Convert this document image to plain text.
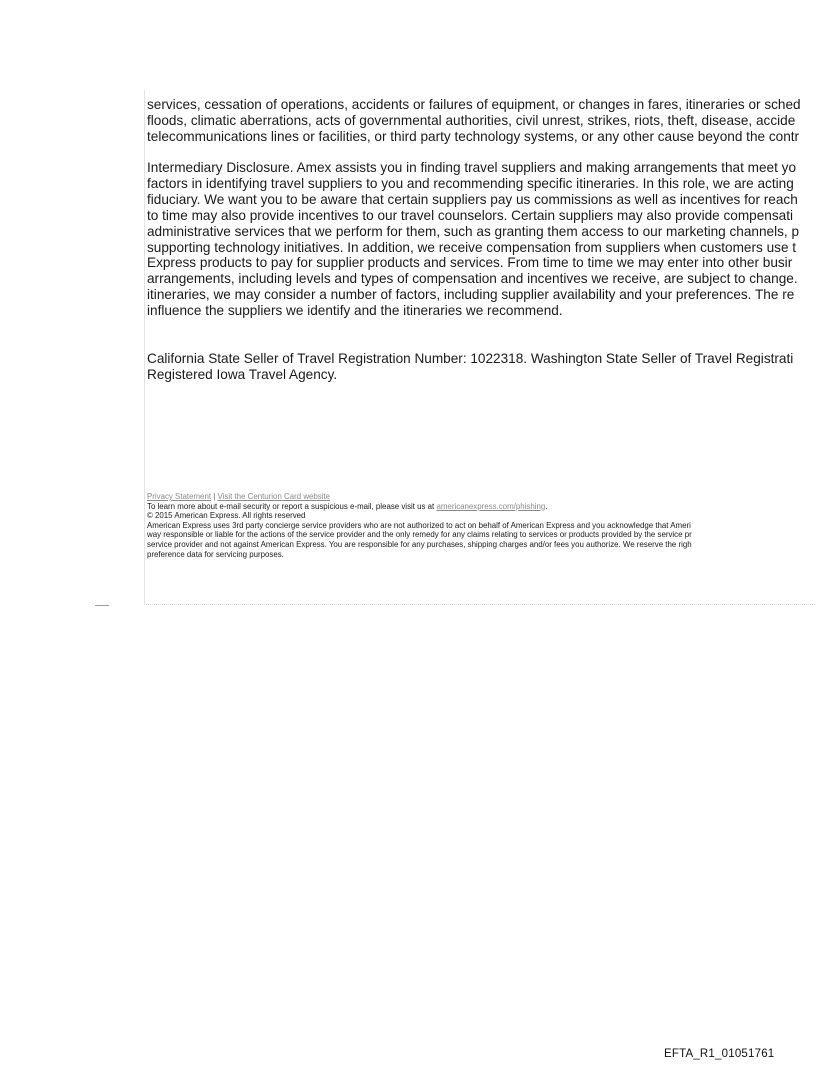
services, cessation of operations, accidents or failures of equipment, or changes in fares, itineraries or sched
floods, climatic aberrations, acts of governmental authorities, civil unrest, strikes, riots, theft, disease, accide
telecommunications lines or facilities, or third party technology systems, or any other cause beyond the contr
Intermediary Disclosure. Amex assists you in finding travel suppliers and making arrangements that meet yo
factors in identifying travel suppliers to you and recommending specific itineraries. In this role, we are acting
fiduciary. We want you to be aware that certain suppliers pay us commissions as well as incentives for reach
to time may also provide incentives to our travel counselors. Certain suppliers may also provide compensati
administrative services that we perform for them, such as granting them access to our marketing channels, p
supporting technology initiatives. In addition, we receive compensation from suppliers when customers use t
Express products to pay for supplier products and services. From time to time we may enter into other busir
arrangements, including levels and types of compensation and incentives we receive, are subject to change.
itineraries, we may consider a number of factors, including supplier availability and your preferences. The re
influence the suppliers we identify and the itineraries we recommend.
California State Seller of Travel Registration Number: 1022318. Washington State Seller of Travel Registrati
Registered Iowa Travel Agency.
Privacy Statement | Visit the Centurion Card website
To learn more about e-mail security or report a suspicious e-mail, please visit us at americanexpress.com/phishing.
© 2015 American Express. All rights reserved
American Express uses 3rd party concierge service providers who are not authorized to act on behalf of American Express and you acknowledge that Ameri
way responsible or liable for the actions of the service provider and the only remedy for any claims relating to services or products provided by the service pr
service provider and not against American Express. You are responsible for any purchases, shipping charges and/or fees you authorize. We reserve the righ
preference data for servicing purposes.
EFTA_R1_01051761
